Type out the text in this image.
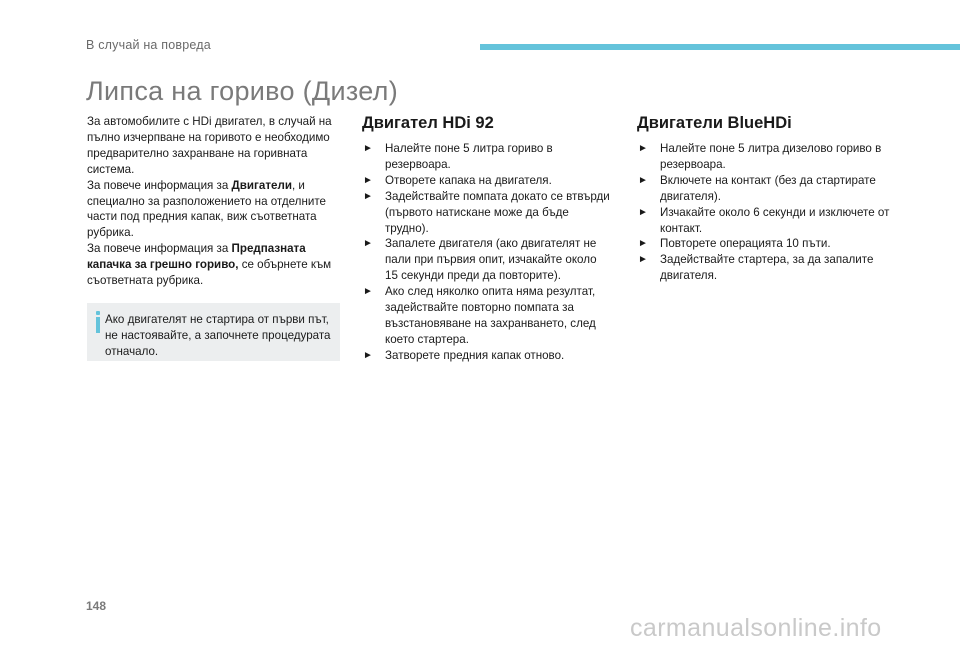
В случай на повреда
Липса на гориво (Дизел)

За автомобилите с HDi двигател, в случай на пълно изчерпване на горивото е необходимо предварително захранване на горивната система.

За повече информация за Двигатели, и специално за разположението на отделните части под предния капак, виж съответната рубрика.

За повече информация за Предпазната капачка за грешно гориво, се обърнете към съответната рубрика.

Ако двигателят не стартира от първи път, не настоявайте, а започнете процедурата отначало.
Двигател HDi 92
► Налейте поне 5 литра гориво в резервоара.
► Отворете капака на двигателя.
► Задействайте помпата докато се втвърди (първото натискане може да бъде трудно).
► Запалете двигателя (ако двигателят не пали при първия опит, изчакайте около 15 секунди преди да повторите).
► Ако след няколко опита няма резултат, задействайте повторно помпата за възстановяване на захранването, след което стартера.
► Затворете предния капак отново.
Двигатели BlueHDi
► Налейте поне 5 литра дизелово гориво в резервоара.
► Включете на контакт (без да стартирате двигателя).
► Изчакайте около 6 секунди и изключете от контакт.
► Повторете операцията 10 пъти.
► Задействайте стартера, за да запалите двигателя.
148
carmanualsonline.info
